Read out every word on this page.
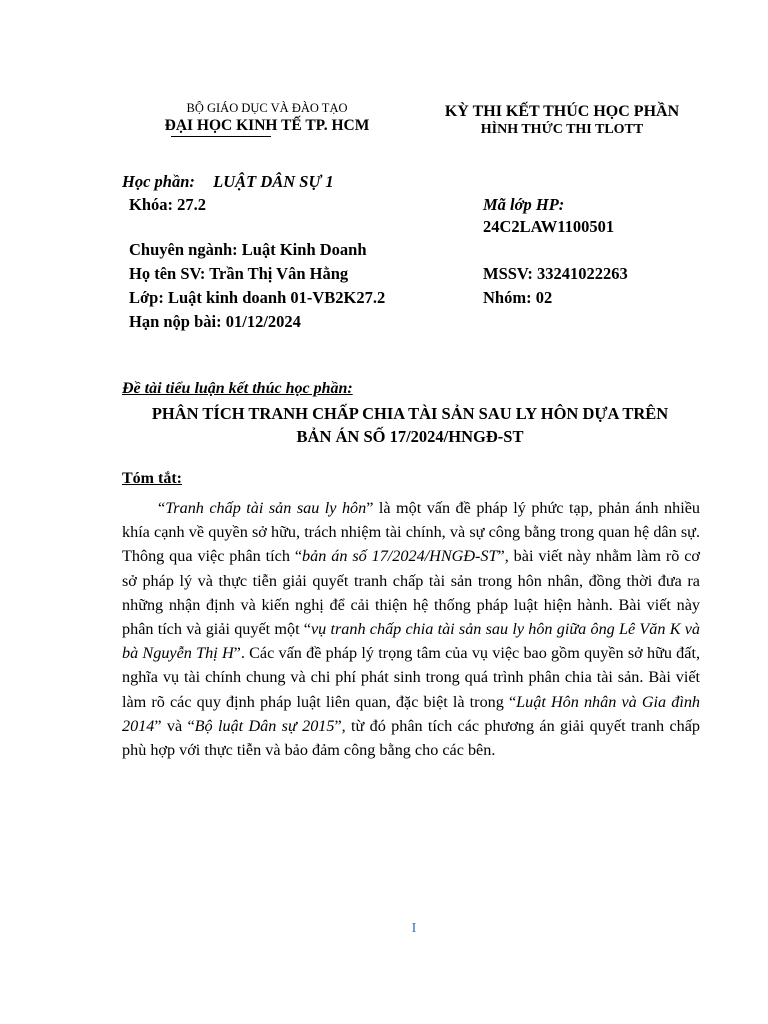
BỘ GIÁO DỤC VÀ ĐÀO TẠO
ĐẠI HỌC KINH TẾ TP. HCM
KỲ THI KẾT THÚC HỌC PHẦN
HÌNH THỨC THI TLOTT
Học phần: LUẬT DÂN SỰ 1
Khóa: 27.2	Mã lớp HP:
24C2LAW1100501
Chuyên ngành: Luật Kinh Doanh
Họ tên SV: Trần Thị Vân Hằng	MSSV: 33241022263
Lớp: Luật kinh doanh 01-VB2K27.2	Nhóm: 02
Hạn nộp bài: 01/12/2024
Đề tài tiểu luận kết thúc học phần:
PHÂN TÍCH TRANH CHẤP CHIA TÀI SẢN SAU LY HÔN DỰA TRÊN
BẢN ÁN SỐ 17/2024/HNGĐ-ST
Tóm tắt:

“Tranh chấp tài sản sau ly hôn” là một vấn đề pháp lý phức tạp, phản ánh nhiều khía cạnh về quyền sở hữu, trách nhiệm tài chính, và sự công bằng trong quan hệ dân sự. Thông qua việc phân tích “bản án số 17/2024/HNGĐ-ST”, bài viết này nhằm làm rõ cơ sở pháp lý và thực tiễn giải quyết tranh chấp tài sản trong hôn nhân, đồng thời đưa ra những nhận định và kiến nghị để cải thiện hệ thống pháp luật hiện hành. Bài viết này phân tích và giải quyết một “vụ tranh chấp chia tài sản sau ly hôn giữa ông Lê Văn K và bà Nguyễn Thị H”. Các vấn đề pháp lý trọng tâm của vụ việc bao gồm quyền sở hữu đất, nghĩa vụ tài chính chung và chi phí phát sinh trong quá trình phân chia tài sản. Bài viết làm rõ các quy định pháp luật liên quan, đặc biệt là trong “Luật Hôn nhân và Gia đình 2014” và “Bộ luật Dân sự 2015”, từ đó phân tích các phương án giải quyết tranh chấp phù hợp với thực tiễn và bảo đảm công bằng cho các bên.

I
